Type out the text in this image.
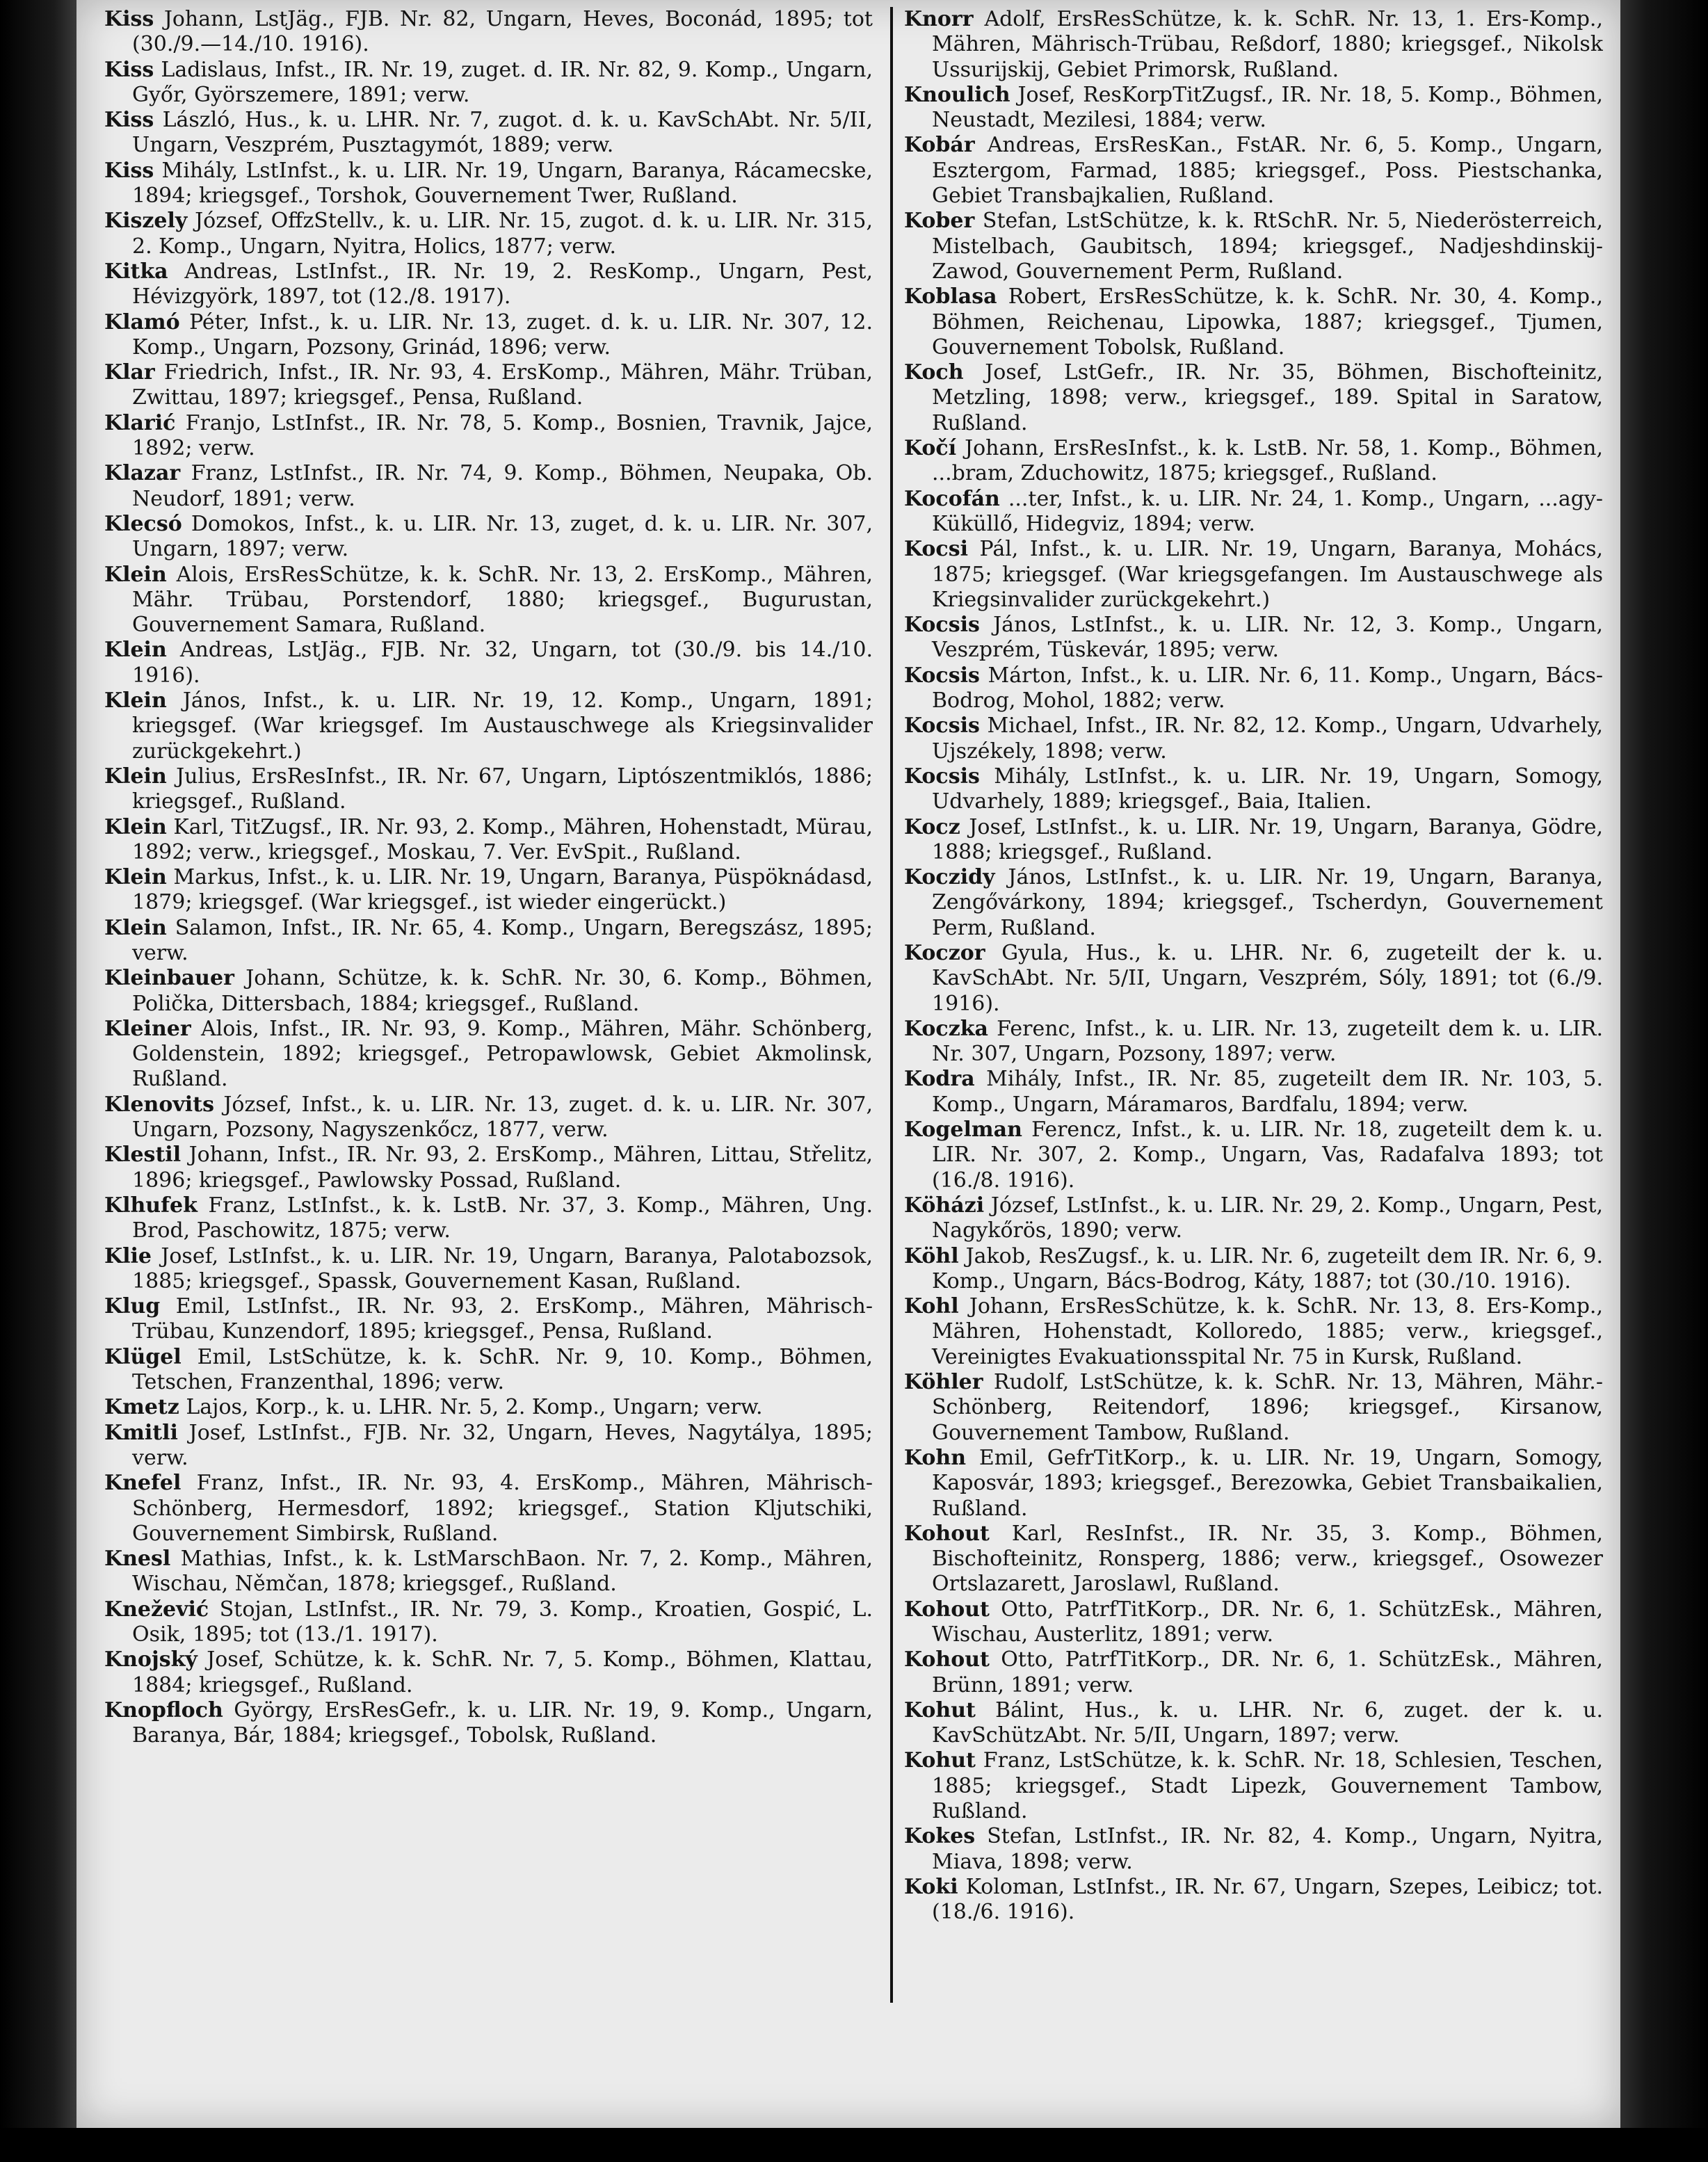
Kiss Johann, LstJäg., FJB. Nr. 82, Ungarn, Heves, Boconád, 1895; tot (30./9.—14./10. 1916).

Kiss Ladislaus, Infst., IR. Nr. 19, zuget. d. IR. Nr. 82, 9. Komp., Ungarn, Győr, Györszemere, 1891; verw.

Kiss László, Hus., k. u. LHR. Nr. 7, zugot. d. k. u. KavSchAbt. Nr. 5/II, Ungarn, Veszprém, Pusztagymót, 1889; verw.

Kiss Mihály, LstInfst., k. u. LIR. Nr. 19, Ungarn, Baranya, Rácamecske, 1894; kriegsgef., Torshok, Gouvernement Twer, Rußland.

Kiszely József, OffzStellv., k. u. LIR. Nr. 15, zugot. d. k. u. LIR. Nr. 315, 2. Komp., Ungarn, Nyitra, Holics, 1877; verw.

Kitka Andreas, LstInfst., IR. Nr. 19, 2. ResKomp., Ungarn, Pest, Hévizgyörk, 1897, tot (12./8. 1917).

Klamó Péter, Infst., k. u. LIR. Nr. 13, zuget. d. k. u. LIR. Nr. 307, 12. Komp., Ungarn, Pozsony, Grinád, 1896; verw.

Klar Friedrich, Infst., IR. Nr. 93, 4. ErsKomp., Mähren, Mähr. Trüban, Zwittau, 1897; kriegsgef., Pensa, Rußland.

Klarić Franjo, LstInfst., IR. Nr. 78, 5. Komp., Bosnien, Travnik, Jajce, 1892; verw.

Klazar Franz, LstInfst., IR. Nr. 74, 9. Komp., Böhmen, Neupaka, Ob. Neudorf, 1891; verw.

Klecsó Domokos, Infst., k. u. LIR. Nr. 13, zuget, d. k. u. LIR. Nr. 307, Ungarn, 1897; verw.

Klein Alois, ErsResSchütze, k. k. SchR. Nr. 13, 2. ErsKomp., Mähren, Mähr. Trübau, Porstendorf, 1880; kriegsgef., Bugurustan, Gouvernement Samara, Rußland.

Klein Andreas, LstJäg., FJB. Nr. 32, Ungarn, tot (30./9. bis 14./10. 1916).

Klein János, Infst., k. u. LIR. Nr. 19, 12. Komp., Ungarn, 1891; kriegsgef. (War kriegsgef. Im Austauschwege als Kriegsinvalider zurückgekehrt.)

Klein Julius, ErsResInfst., IR. Nr. 67, Ungarn, Liptószentmiklós, 1886; kriegsgef., Rußland.

Klein Karl, TitZugsf., IR. Nr. 93, 2. Komp., Mähren, Hohenstadt, Mürau, 1892; verw., kriegsgef., Moskau, 7. Ver. EvSpit., Rußland.

Klein Markus, Infst., k. u. LIR. Nr. 19, Ungarn, Baranya, Püspöknádasd, 1879; kriegsgef. (War kriegsgef., ist wieder eingerückt.)

Klein Salamon, Infst., IR. Nr. 65, 4. Komp., Ungarn, Beregszász, 1895; verw.

Kleinbauer Johann, Schütze, k. k. SchR. Nr. 30, 6. Komp., Böhmen, Polička, Dittersbach, 1884; kriegsgef., Rußland.

Kleiner Alois, Infst., IR. Nr. 93, 9. Komp., Mähren, Mähr. Schönberg, Goldenstein, 1892; kriegsgef., Petropawlowsk, Gebiet Akmolinsk, Rußland.

Klenovits József, Infst., k. u. LIR. Nr. 13, zuget. d. k. u. LIR. Nr. 307, Ungarn, Pozsony, Nagyszenkőcz, 1877, verw.

Klestil Johann, Infst., IR. Nr. 93, 2. ErsKomp., Mähren, Littau, Střelitz, 1896; kriegsgef., Pawlowsky Possad, Rußland.

Klhufek Franz, LstInfst., k. k. LstB. Nr. 37, 3. Komp., Mähren, Ung. Brod, Paschowitz, 1875; verw.

Klie Josef, LstInfst., k. u. LIR. Nr. 19, Ungarn, Baranya, Palotabozsok, 1885; kriegsgef., Spassk, Gouvernement Kasan, Rußland.

Klug Emil, LstInfst., IR. Nr. 93, 2. ErsKomp., Mähren, Mährisch-Trübau, Kunzendorf, 1895; kriegsgef., Pensa, Rußland.

Klügel Emil, LstSchütze, k. k. SchR. Nr. 9, 10. Komp., Böhmen, Tetschen, Franzenthal, 1896; verw.

Kmetz Lajos, Korp., k. u. LHR. Nr. 5, 2. Komp., Ungarn; verw.

Kmitli Josef, LstInfst., FJB. Nr. 32, Ungarn, Heves, Nagytálya, 1895; verw.

Knefel Franz, Infst., IR. Nr. 93, 4. ErsKomp., Mähren, Mährisch-Schönberg, Hermesdorf, 1892; kriegsgef., Station Kljutschiki, Gouvernement Simbirsk, Rußland.

Knesl Mathias, Infst., k. k. LstMarschBaon. Nr. 7, 2. Komp., Mähren, Wischau, Němčan, 1878; kriegsgef., Rußland.

Knežević Stojan, LstInfst., IR. Nr. 79, 3. Komp., Kroatien, Gospić, L. Osik, 1895; tot (13./1. 1917).

Knojský Josef, Schütze, k. k. SchR. Nr. 7, 5. Komp., Böhmen, Klattau, 1884; kriegsgef., Rußland.

Knopfloch György, ErsResGefr., k. u. LIR. Nr. 19, 9. Komp., Ungarn, Baranya, Bár, 1884; kriegsgef., Tobolsk, Rußland.

Knorr Adolf, ErsResSchütze, k. k. SchR. Nr. 13, 1. Ers-Komp., Mähren, Mährisch-Trübau, Reßdorf, 1880; kriegsgef., Nikolsk Ussurijskij, Gebiet Primorsk, Rußland.

Knoulich Josef, ResKorpTitZugsf., IR. Nr. 18, 5. Komp., Böhmen, Neustadt, Mezilesi, 1884; verw.

Kobár Andreas, ErsResKan., FstAR. Nr. 6, 5. Komp., Ungarn, Esztergom, Farmad, 1885; kriegsgef., Poss. Piestschanka, Gebiet Transbajkalien, Rußland.

Kober Stefan, LstSchütze, k. k. RtSchR. Nr. 5, Niederösterreich, Mistelbach, Gaubitsch, 1894; kriegsgef., Nadjeshdinskij-Zawod, Gouvernement Perm, Rußland.

Koblasa Robert, ErsResSchütze, k. k. SchR. Nr. 30, 4. Komp., Böhmen, Reichenau, Lipowka, 1887; kriegsgef., Tjumen, Gouvernement Tobolsk, Rußland.

Koch Josef, LstGefr., IR. Nr. 35, Böhmen, Bischofteinitz, Metzling, 1898; verw., kriegsgef., 189. Spital in Saratow, Rußland.

Kočí Johann, ErsResInfst., k. k. LstB. Nr. 58, 1. Komp., Böhmen, ...bram, Zduchowitz, 1875; kriegsgef., Rußland.

Kocofán ...ter, Infst., k. u. LIR. Nr. 24, 1. Komp., Ungarn, ...agy-Küküllő, Hidegviz, 1894; verw.

Kocsi Pál, Infst., k. u. LIR. Nr. 19, Ungarn, Baranya, Mohács, 1875; kriegsgef. (War kriegsgefangen. Im Austauschwege als Kriegsinvalider zurückgekehrt.)

Kocsis János, LstInfst., k. u. LIR. Nr. 12, 3. Komp., Ungarn, Veszprém, Tüskevár, 1895; verw.

Kocsis Márton, Infst., k. u. LIR. Nr. 6, 11. Komp., Ungarn, Bács-Bodrog, Mohol, 1882; verw.

Kocsis Michael, Infst., IR. Nr. 82, 12. Komp., Ungarn, Udvarhely, Ujszékely, 1898; verw.

Kocsis Mihály, LstInfst., k. u. LIR. Nr. 19, Ungarn, Somogy, Udvarhely, 1889; kriegsgef., Baia, Italien.

Kocz Josef, LstInfst., k. u. LIR. Nr. 19, Ungarn, Baranya, Gödre, 1888; kriegsgef., Rußland.

Koczidy János, LstInfst., k. u. LIR. Nr. 19, Ungarn, Baranya, Zengővárkony, 1894; kriegsgef., Tscherdyn, Gouvernement Perm, Rußland.

Koczor Gyula, Hus., k. u. LHR. Nr. 6, zugeteilt der k. u. KavSchAbt. Nr. 5/II, Ungarn, Veszprém, Sóly, 1891; tot (6./9. 1916).

Koczka Ferenc, Infst., k. u. LIR. Nr. 13, zugeteilt dem k. u. LIR. Nr. 307, Ungarn, Pozsony, 1897; verw.

Kodra Mihály, Infst., IR. Nr. 85, zugeteilt dem IR. Nr. 103, 5. Komp., Ungarn, Máramaros, Bardfalu, 1894; verw.

Kogelman Ferencz, Infst., k. u. LIR. Nr. 18, zugeteilt dem k. u. LIR. Nr. 307, 2. Komp., Ungarn, Vas, Radafalva 1893; tot (16./8. 1916).

Köházi József, LstInfst., k. u. LIR. Nr. 29, 2. Komp., Ungarn, Pest, Nagykőrös, 1890; verw.

Köhl Jakob, ResZugsf., k. u. LIR. Nr. 6, zugeteilt dem IR. Nr. 6, 9. Komp., Ungarn, Bács-Bodrog, Káty, 1887; tot (30./10. 1916).

Kohl Johann, ErsResSchütze, k. k. SchR. Nr. 13, 8. Ers-Komp., Mähren, Hohenstadt, Kolloredo, 1885; verw., kriegsgef., Vereinigtes Evakuationsspital Nr. 75 in Kursk, Rußland.

Köhler Rudolf, LstSchütze, k. k. SchR. Nr. 13, Mähren, Mähr.-Schönberg, Reitendorf, 1896; kriegsgef., Kirsanow, Gouvernement Tambow, Rußland.

Kohn Emil, GefrTitKorp., k. u. LIR. Nr. 19, Ungarn, Somogy, Kaposvár, 1893; kriegsgef., Berezowka, Gebiet Transbaikalien, Rußland.

Kohout Karl, ResInfst., IR. Nr. 35, 3. Komp., Böhmen, Bischofteinitz, Ronsperg, 1886; verw., kriegsgef., Osowezer Ortslazarett, Jaroslawl, Rußland.

Kohout Otto, PatrfTitKorp., DR. Nr. 6, 1. SchützEsk., Mähren, Wischau, Austerlitz, 1891; verw.

Kohout Otto, PatrfTitKorp., DR. Nr. 6, 1. SchützEsk., Mähren, Brünn, 1891; verw.

Kohut Bálint, Hus., k. u. LHR. Nr. 6, zuget. der k. u. KavSchützAbt. Nr. 5/II, Ungarn, 1897; verw.

Kohut Franz, LstSchütze, k. k. SchR. Nr. 18, Schlesien, Teschen, 1885; kriegsgef., Stadt Lipezk, Gouvernement Tambow, Rußland.

Kokes Stefan, LstInfst., IR. Nr. 82, 4. Komp., Ungarn, Nyitra, Miava, 1898; verw.

Koki Koloman, LstInfst., IR. Nr. 67, Ungarn, Szepes, Leibicz; tot. (18./6. 1916).
